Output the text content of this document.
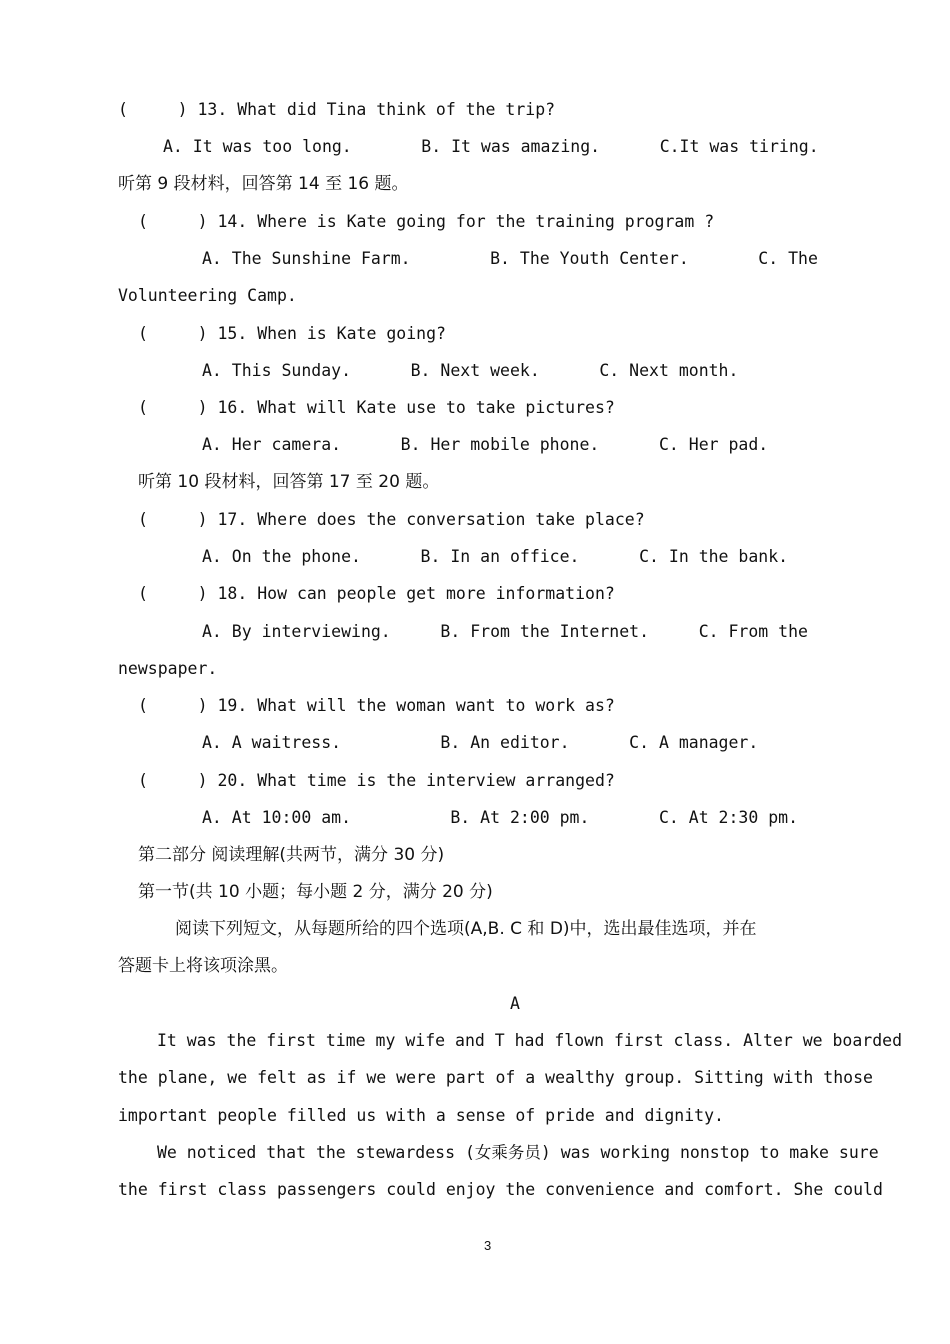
(     ) 13. What did Tina think of the trip?
A. It was too long.       B. It was amazing.      C.It was tiring.
听第 9 段材料，回答第 14 至 16 题。
(     ) 14. Where is Kate going for the training program ?
A. The Sunshine Farm.        B. The Youth Center.       C. The
Volunteering Camp.
(     ) 15. When is Kate going?
A. This Sunday.      B. Next week.      C. Next month.
(     ) 16. What will Kate use to take pictures?
A. Her camera.      B. Her mobile phone.      C. Her pad.
听第 10 段材料，回答第 17 至 20 题。
(     ) 17. Where does the conversation take place?
A. On the phone.      B. In an office.      C. In the bank.
(     ) 18. How can people get more information?
A. By interviewing.     B. From the Internet.     C. From the
newspaper.
(     ) 19. What will the woman want to work as?
A. A waitress.          B. An editor.      C. A manager.
(     ) 20. What time is the interview arranged?
A. At 10:00 am.          B. At 2:00 pm.       C. At 2:30 pm.
第二部分 阅读理解(共两节，满分 30 分)
第一节(共 10 小题；每小题 2 分，满分 20 分)
阅读下列短文，从每题所给的四个选项(A,B. C 和 D)中，选出最佳选项，并在
答题卡上将该项涂黑。
A
It was the first time my wife and T had flown first class. Alter we boarded
the plane, we felt as if we were part of a wealthy group. Sitting with those
important people filled us with a sense of pride and dignity.
We noticed that the stewardess (女乘务员) was working nonstop to make sure
the first class passengers could enjoy the convenience and comfort. She could
3
